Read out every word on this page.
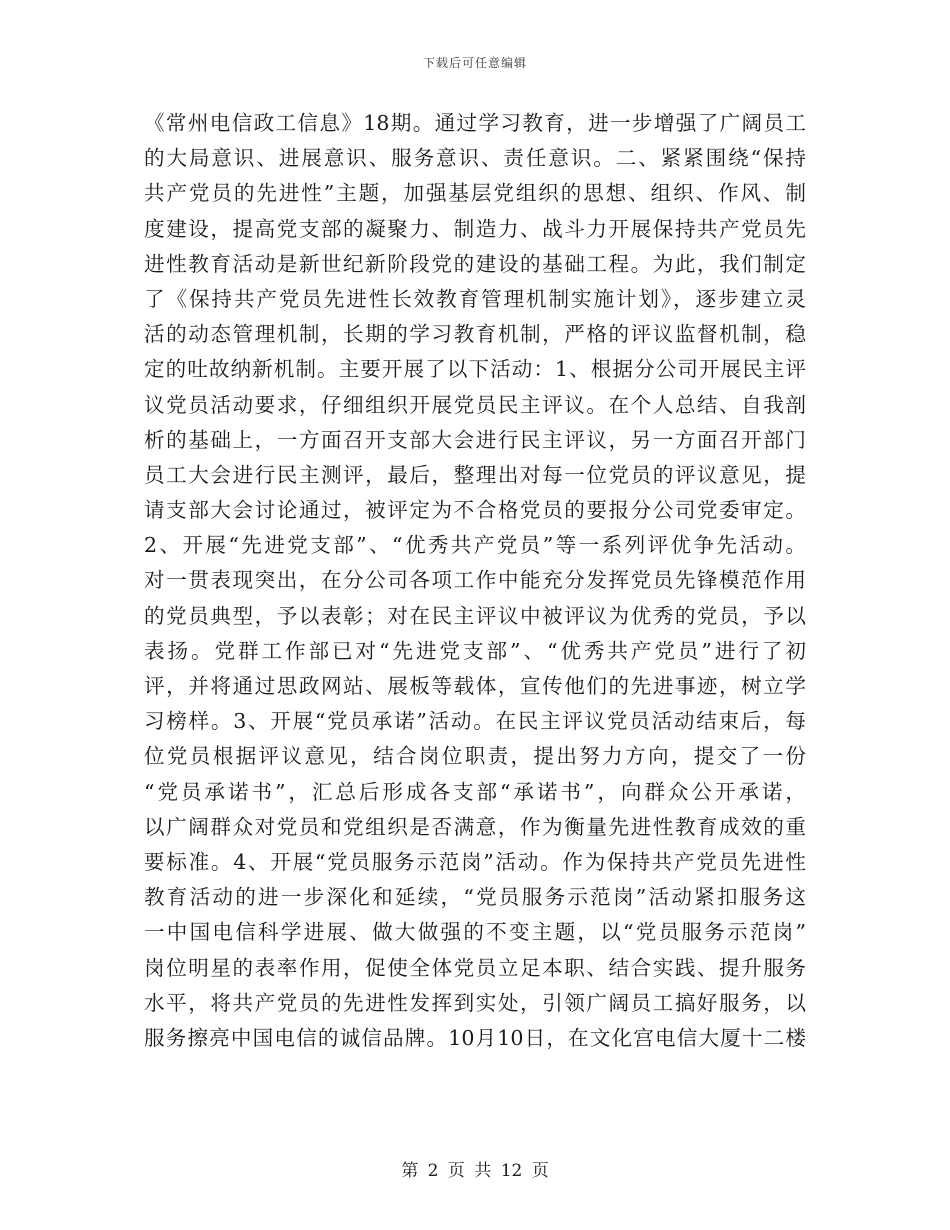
下载后可任意编辑
《常州电信政工信息》18期。通过学习教育，进一步增强了广阔员工
的大局意识、进展意识、服务意识、责任意识。二、紧紧围绕“保持
共产党员的先进性”主题，加强基层党组织的思想、组织、作风、制
度建设，提高党支部的凝聚力、制造力、战斗力开展保持共产党员先
进性教育活动是新世纪新阶段党的建设的基础工程。为此，我们制定
了《保持共产党员先进性长效教育管理机制实施计划》，逐步建立灵
活的动态管理机制，长期的学习教育机制，严格的评议监督机制，稳
定的吐故纳新机制。主要开展了以下活动：1、根据分公司开展民主评
议党员活动要求，仔细组织开展党员民主评议。在个人总结、自我剖
析的基础上，一方面召开支部大会进行民主评议，另一方面召开部门
员工大会进行民主测评，最后，整理出对每一位党员的评议意见，提
请支部大会讨论通过，被评定为不合格党员的要报分公司党委审定。
2、开展“先进党支部”、“优秀共产党员”等一系列评优争先活动。
对一贯表现突出，在分公司各项工作中能充分发挥党员先锋模范作用
的党员典型，予以表彰；对在民主评议中被评议为优秀的党员，予以
表扬。党群工作部已对“先进党支部”、“优秀共产党员”进行了初
评，并将通过思政网站、展板等载体，宣传他们的先进事迹，树立学
习榜样。3、开展“党员承诺”活动。在民主评议党员活动结束后，每
位党员根据评议意见，结合岗位职责，提出努力方向，提交了一份
“党员承诺书”，汇总后形成各支部“承诺书”，向群众公开承诺，
以广阔群众对党员和党组织是否满意，作为衡量先进性教育成效的重
要标准。4、开展“党员服务示范岗”活动。作为保持共产党员先进性
教育活动的进一步深化和延续，“党员服务示范岗”活动紧扣服务这
一中国电信科学进展、做大做强的不变主题，以“党员服务示范岗”
岗位明星的表率作用，促使全体党员立足本职、结合实践、提升服务
水平，将共产党员的先进性发挥到实处，引领广阔员工搞好服务，以
服务擦亮中国电信的诚信品牌。10月10日，在文化宫电信大厦十二楼
第 2 页 共 12 页
